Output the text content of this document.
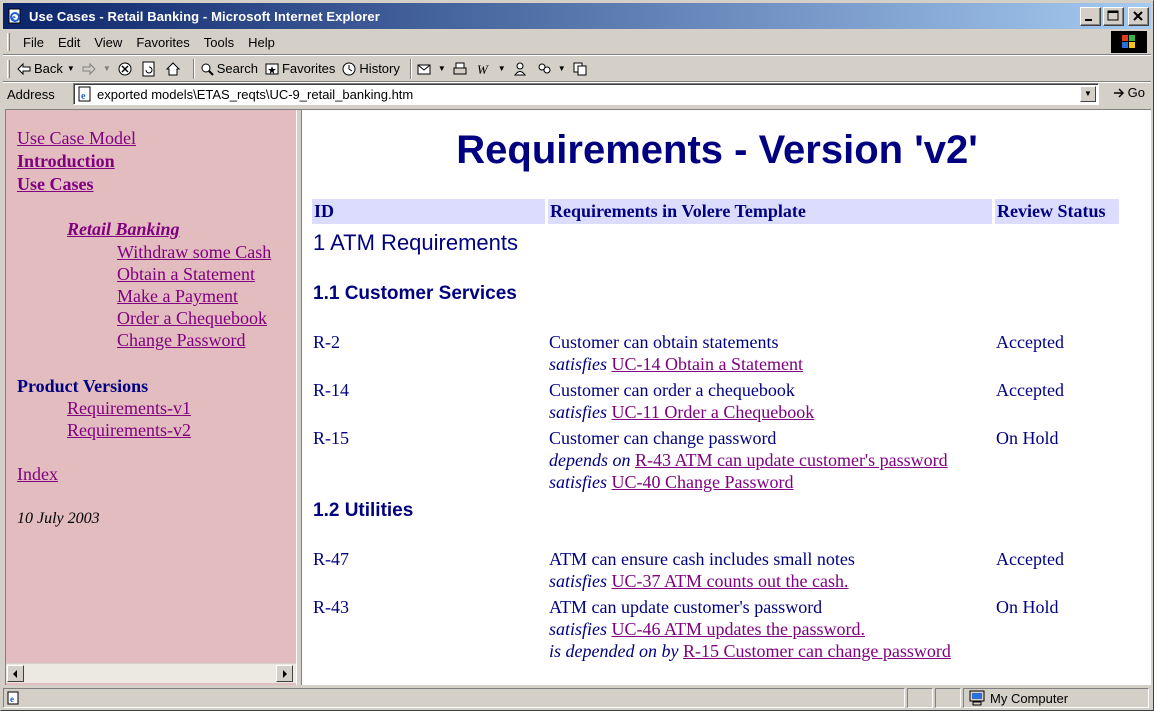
e Use Cases - Retail Banking - Microsoft Internet Explorer
File	Edit	View	Favorites	Tools	Help
Back ▼	▼	Search Favorites History	▼ W ▼	▼
Address	e exported models\ETAS_reqts\UC-9_retail_banking.htm	▼	Go
Use Case Model
Introduction
Use Cases
Retail Banking
Withdraw some Cash
Obtain a Statement
Make a Payment
Order a Chequebook
Change Password
Product Versions
Requirements-v1
Requirements-v2
Index
10 July 2003
Requirements - Version 'v2'
ID	Requirements in Volere Template	Review Status
1 ATM Requirements
1.1 Customer Services
R-2	Customer can obtain statements	Accepted
satisfies UC-14 Obtain a Statement
R-14	Customer can order a chequebook	Accepted
satisfies UC-11 Order a Chequebook
R-15	Customer can change password	On Hold
depends on R-43 ATM can update customer's password
satisfies UC-40 Change Password
1.2 Utilities
R-47	ATM can ensure cash includes small notes	Accepted
satisfies UC-37 ATM counts out the cash.
R-43	ATM can update customer's password	On Hold
satisfies UC-46 ATM updates the password.
is depended on by R-15 Customer can change password
e	My Computer
